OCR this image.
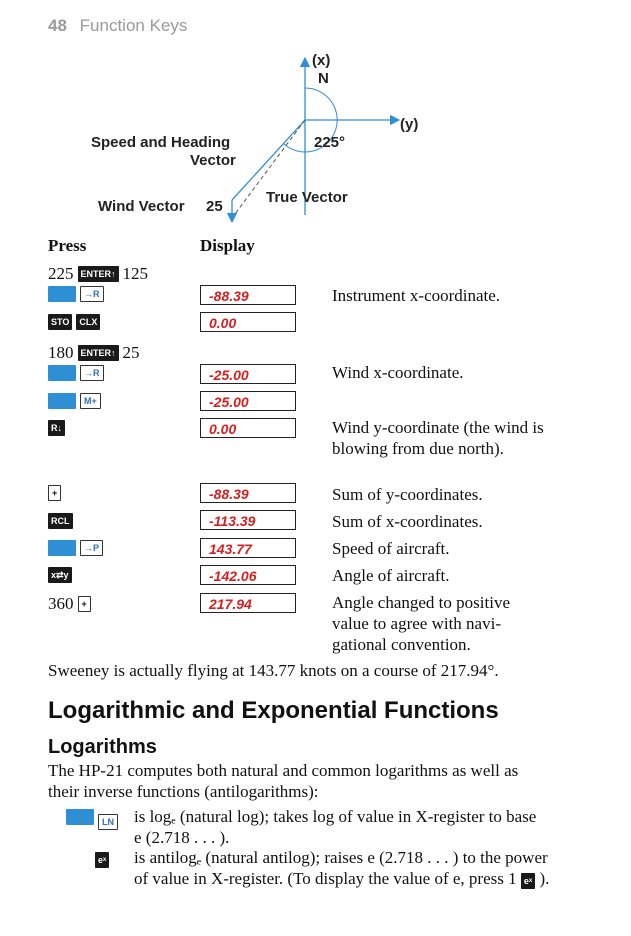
48 Function Keys
(x)
N
(y)
Speed and Heading
Vector
225°
True Vector
Wind Vector 25
Press	Display
225 ENTER↑ 125
→R
STO	CLX
180 ENTER↑ 25
→R
M+
R↓
+
RCL
→P
x⇄y
360 +
-88.39
0.00
-25.00
-25.00
0.00
-88.39
-113.39
143.77
-142.06
217.94
Instrument x-coordinate.
Wind x-coordinate.
Wind y-coordinate (the wind is blowing from due north).
Sum of y-coordinates.
Sum of x-coordinates.
Speed of aircraft.
Angle of aircraft.
Angle changed to positive value to agree with navigational convention.
Sweeney is actually flying at 143.77 knots on a course of 217.94°.
Logarithmic and Exponential Functions
Logarithms
The HP-21 computes both natural and common logarithms as well as their inverse functions (antilogarithms):
LN is logₑ (natural log); takes log of value in X-register to base e (2.718 . . . ).
eˣ is antilogₑ (natural antilog); raises e (2.718 . . . ) to the power of value in X-register. (To display the value of e, press 1 eˣ ).
